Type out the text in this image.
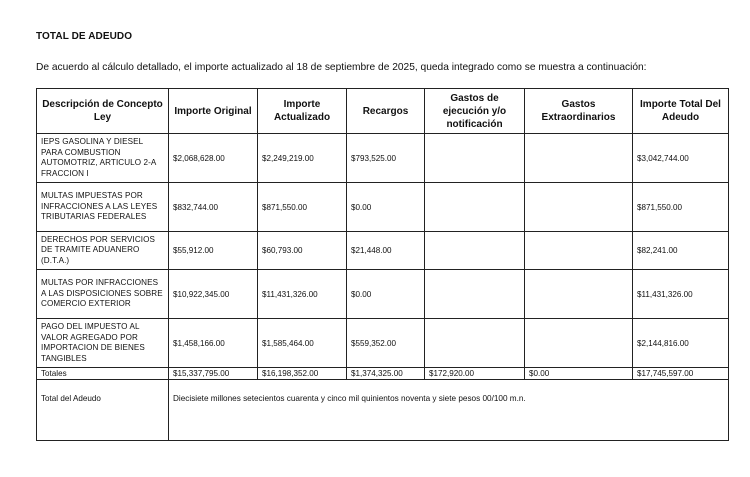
TOTAL DE ADEUDO
De acuerdo al cálculo detallado, el importe actualizado al 18 de septiembre de 2025, queda integrado como se muestra a continuación:
Descripción de Concepto Ley	Importe Original	Importe Actualizado	Recargos	Gastos de ejecución y/o notificación	Gastos Extraordinarios	Importe Total Del Adeudo
IEPS GASOLINA Y DIESEL PARA COMBUSTION AUTOMOTRIZ, ARTICULO 2-A FRACCION I	$2,068,628.00	$2,249,219.00	$793,525.00			$3,042,744.00
MULTAS IMPUESTAS POR INFRACCIONES A LAS LEYES TRIBUTARIAS FEDERALES	$832,744.00	$871,550.00	$0.00			$871,550.00
DERECHOS POR SERVICIOS DE TRAMITE ADUANERO (D.T.A.)	$55,912.00	$60,793.00	$21,448.00			$82,241.00
MULTAS POR INFRACCIONES A LAS DISPOSICIONES SOBRE COMERCIO EXTERIOR	$10,922,345.00	$11,431,326.00	$0.00			$11,431,326.00
PAGO DEL IMPUESTO AL VALOR AGREGADO POR IMPORTACION DE BIENES TANGIBLES	$1,458,166.00	$1,585,464.00	$559,352.00			$2,144,816.00
Totales	$15,337,795.00	$16,198,352.00	$1,374,325.00	$172,920.00	$0.00	$17,745,597.00
Total del Adeudo	Diecisiete millones setecientos cuarenta y cinco mil quinientos noventa y siete pesos 00/100 m.n.					
